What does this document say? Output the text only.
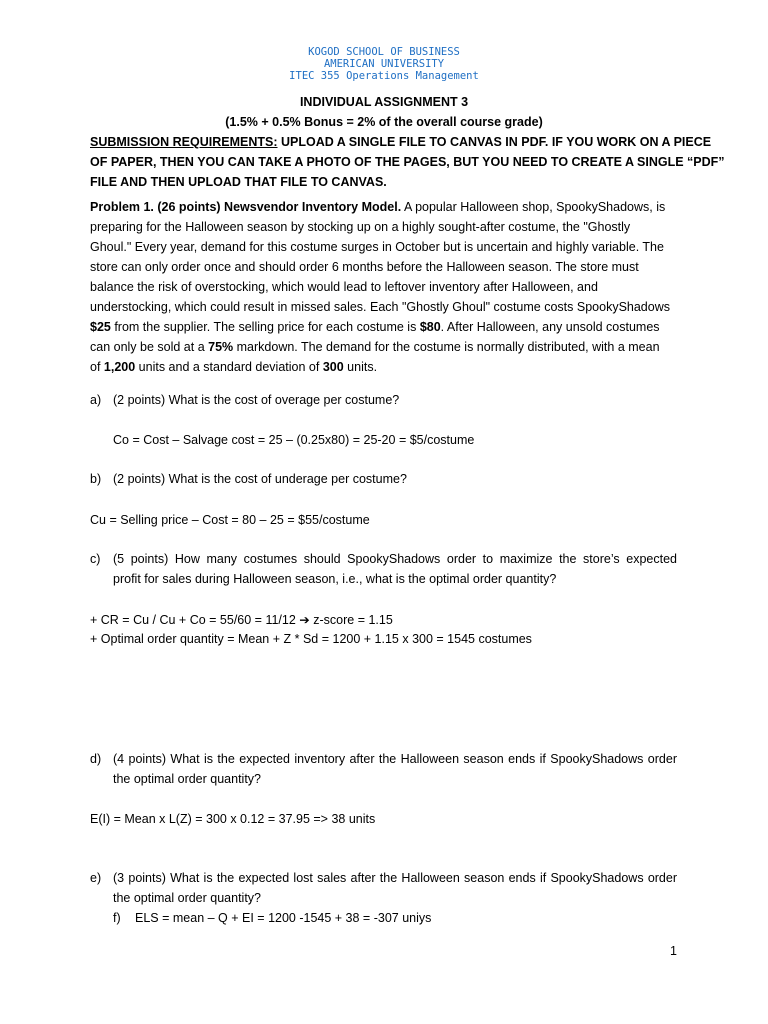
KOGOD SCHOOL OF BUSINESS
AMERICAN UNIVERSITY
ITEC 355 Operations Management
INDIVIDUAL ASSIGNMENT 3
(1.5% + 0.5% Bonus = 2% of the overall course grade)
SUBMISSION REQUIREMENTS: UPLOAD A SINGLE FILE TO CANVAS IN PDF. IF YOU WORK ON A PIECE
OF PAPER, THEN YOU CAN TAKE A PHOTO OF THE PAGES, BUT YOU NEED TO CREATE A SINGLE “PDF”
FILE AND THEN UPLOAD THAT FILE TO CANVAS.
Problem 1. (26 points) Newsvendor Inventory Model. A popular Halloween shop, SpookyShadows, is
preparing for the Halloween season by stocking up on a highly sought-after costume, the "Ghostly
Ghoul." Every year, demand for this costume surges in October but is uncertain and highly variable. The
store can only order once and should order 6 months before the Halloween season. The store must
balance the risk of overstocking, which would lead to leftover inventory after Halloween, and
understocking, which could result in missed sales. Each "Ghostly Ghoul" costume costs SpookyShadows
$25 from the supplier. The selling price for each costume is $80. After Halloween, any unsold costumes
can only be sold at a 75% markdown. The demand for the costume is normally distributed, with a mean
of 1,200 units and a standard deviation of 300 units.
a) (2 points) What is the cost of overage per costume?
Co = Cost – Salvage cost = 25 – (0.25x80) = 25-20 = $5/costume
b) (2 points) What is the cost of underage per costume?
Cu = Selling price – Cost = 80 – 25 = $55/costume
c) (5 points) How many costumes should SpookyShadows order to maximize the store’s expected
profit for sales during Halloween season, i.e., what is the optimal order quantity?
+ CR = Cu / Cu + Co = 55/60 = 11/12 ➔ z-score = 1.15
+ Optimal order quantity = Mean + Z * Sd = 1200 + 1.15 x 300 = 1545 costumes
d) (4 points) What is the expected inventory after the Halloween season ends if SpookyShadows order
the optimal order quantity?
E(I) = Mean x L(Z) = 300 x 0.12 = 37.95 => 38 units
e) (3 points) What is the expected lost sales after the Halloween season ends if SpookyShadows order
the optimal order quantity?
f) ELS = mean – Q + EI = 1200 -1545 + 38 = -307 uniys
1
